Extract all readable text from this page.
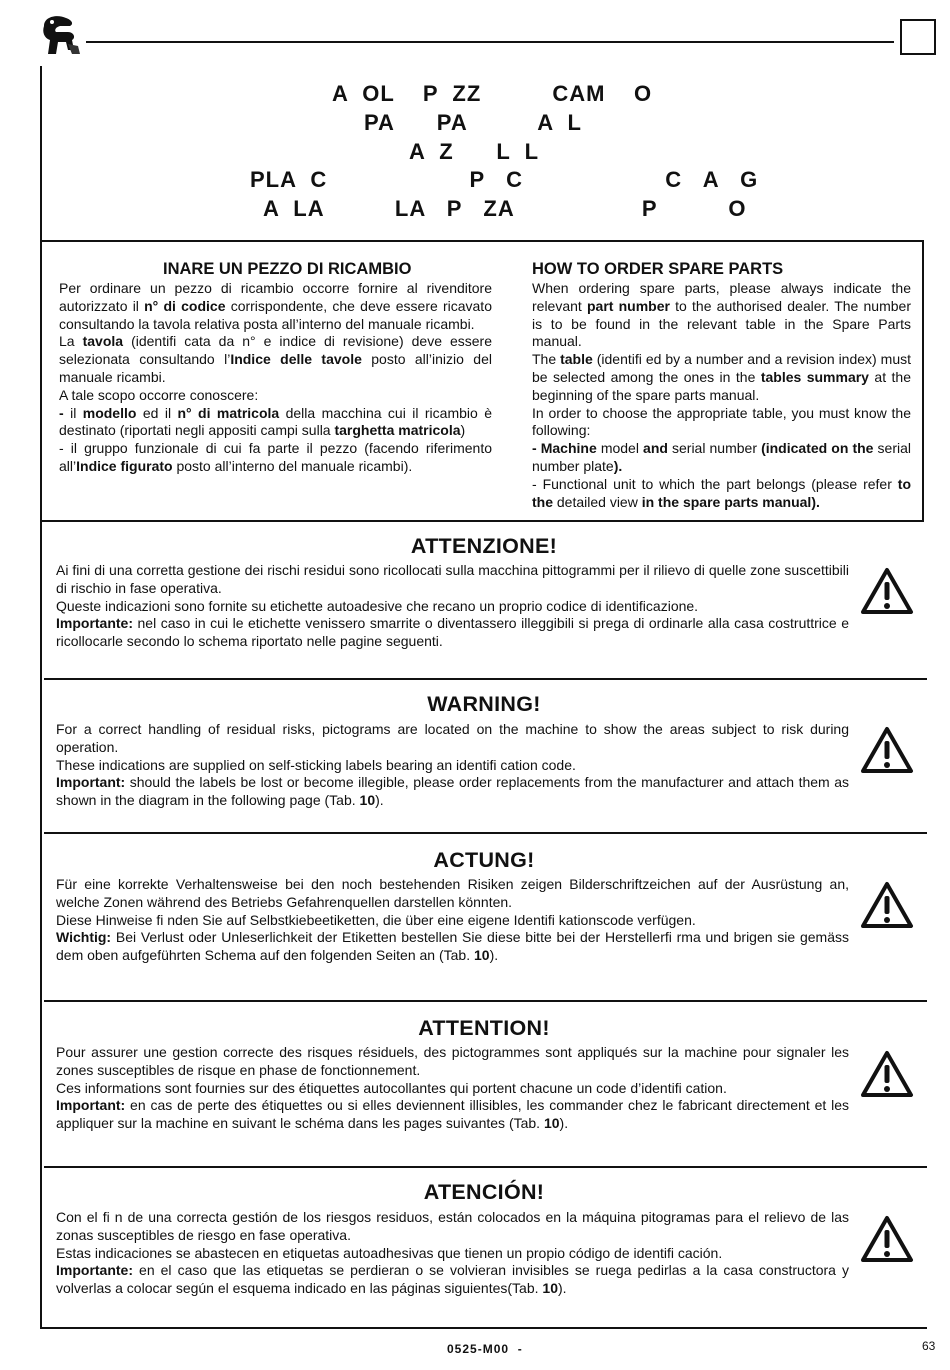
A  OL    P  ZZ          CAM    O
PA      PA          A  L
A  Z      L  L
PLA  C                    P   C                    C   A   G
A  LA          LA   P   ZA                  P          O
INARE UN PEZZO DI RICAMBIO

Per ordinare un pezzo di ricambio occorre fornire al rivenditore autorizzato il n° di codice corrispondente, che deve essere ricavato consultando la tavola relativa posta all’interno del manuale ricambi.

La tavola (identifi cata da n° e indice di revisione) deve essere selezionata consultando l’Indice delle tavole posto all’inizio del manuale ricambi.

A tale scopo occorre conoscere:

- il modello ed il n° di matricola della macchina cui il ricambio è destinato (riportati negli appositi campi sulla targhetta matricola)

- il gruppo funzionale di cui fa parte il pezzo (facendo riferimento all’Indice figurato posto all’interno del manuale ricambi).

HOW TO ORDER SPARE PARTS

When ordering spare parts, please always indicate the relevant part number to the authorised dealer. The number is to be found in the relevant table in the Spare Parts manual.

The table (identifi ed by a number and a revision index) must be selected among the ones in the tables summary at the beginning of the spare parts manual.

In order to choose the appropriate table, you must know the following:

- Machine model and serial number (indicated on the serial number plate).

- Functional unit to which the part belongs (please refer to the detailed view in the spare parts manual).

ATTENZIONE!

Ai fini di una corretta gestione dei rischi residui sono ricollocati sulla macchina pittogrammi per il rilievo di quelle zone suscettibili di rischio in fase operativa.

Queste indicazioni sono fornite su etichette autoadesive che recano un proprio codice di identificazione.

Importante: nel caso in cui le etichette venissero smarrite o diventassero illeggibili si prega di ordinarle alla casa costruttrice e ricollocarle secondo lo schema riportato nelle pagine seguenti.

WARNING!

For a correct handling of residual risks, pictograms are located on the machine to show the areas subject to risk during operation.

These indications are supplied on self-sticking labels bearing an identifi cation code.

Important: should the labels be lost or become illegible, please order replacements from the manufacturer and attach them as shown in the diagram in the following page (Tab. 10).

ACTUNG!

Für eine korrekte Verhaltensweise bei den noch bestehenden Risiken zeigen Bilderschriftzeichen auf der Ausrüstung an, welche Zonen während des Betriebs Gefahrenquellen darstellen könnten.

Diese Hinweise fi nden Sie auf Selbstkiebeetiketten, die über eine eigene Identifi kationscode verfügen.

Wichtig: Bei Verlust oder Unleserlichkeit der Etiketten bestellen Sie diese bitte bei der Herstellerfi rma und brigen sie gemäss dem oben aufgeführten Schema auf den folgenden Seiten an (Tab. 10).

ATTENTION!

Pour assurer une gestion correcte des risques résiduels, des pictogrammes sont appliqués sur la machine pour signaler les zones susceptibles de risque en phase de fonctionnement.

Ces informations sont fournies sur des étiquettes autocollantes qui portent chacune un code d’identifi cation.

Important: en cas de perte des étiquettes ou si elles deviennent illisibles, les commander chez le fabricant directement et les appliquer sur la machine en suivant le schéma dans les pages suivantes (Tab. 10).

ATENCIÓN!

Con el fi n de una correcta gestión de los riesgos residuos, están colocados en la máquina pitogramas para el relievo de las zonas susceptibles de riesgo en fase operativa.

Estas indicaciones se abastecen en etiquetas autoadhesivas que tienen un propio código de identifi cación.

Importante: en el caso que las etiquetas se perdieran o se volvieran invisibles se ruega pedirlas a la casa constructora y volverlas a colocar según el esquema indicado en las páginas siguientes(Tab. 10).

0525-M00  -	63
